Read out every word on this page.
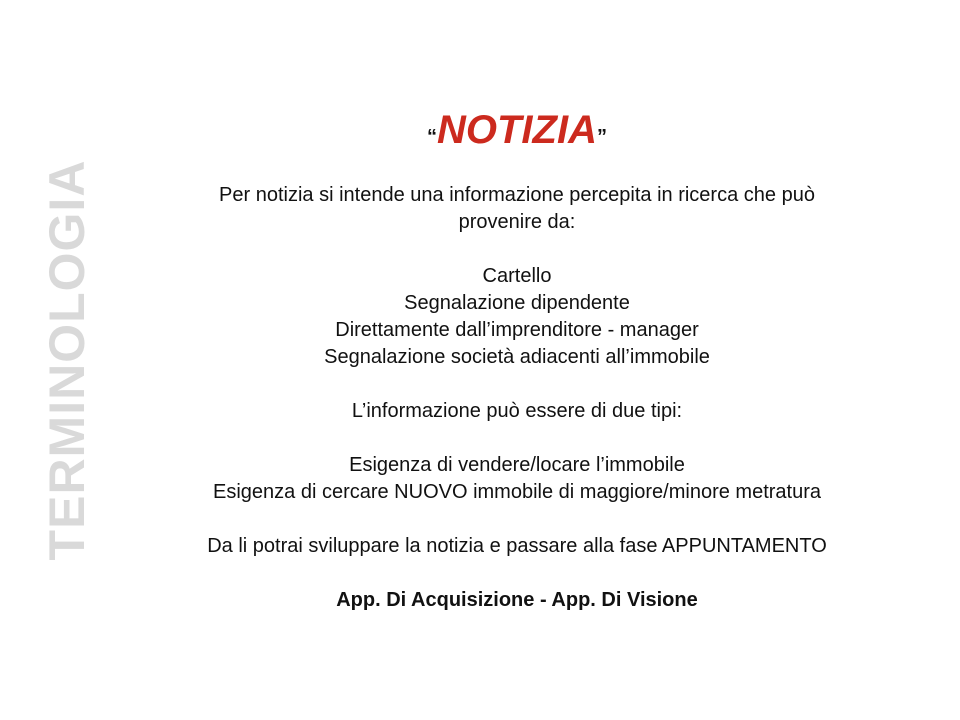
TERMINOLOGIA
“NOTIZIA”

Per notizia si intende una informazione percepita in ricerca che può

provenire da:

Cartello

Segnalazione dipendente

Direttamente dall’imprenditore - manager

Segnalazione società adiacenti all’immobile

L’informazione può essere di due tipi:

Esigenza di vendere/locare l’immobile

Esigenza di cercare NUOVO immobile di maggiore/minore metratura

Da li potrai sviluppare la notizia e passare alla fase APPUNTAMENTO

App. Di Acquisizione - App. Di Visione
